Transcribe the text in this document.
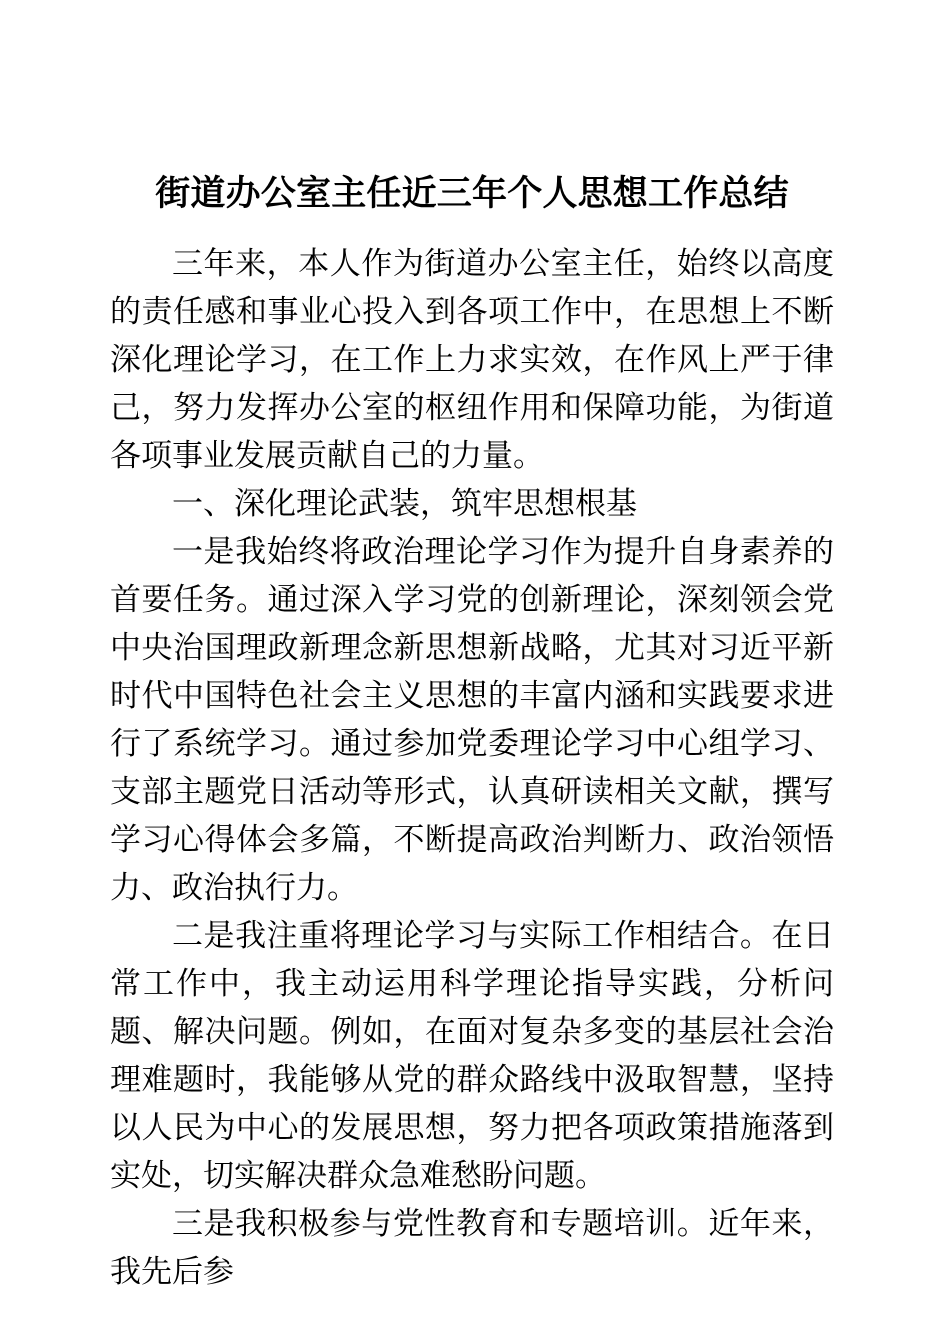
街道办公室主任近三年个人思想工作总结

三年来，本人作为街道办公室主任，始终以高度的责任感和事业心投入到各项工作中，在思想上不断深化理论学习，在工作上力求实效，在作风上严于律己，努力发挥办公室的枢纽作用和保障功能，为街道各项事业发展贡献自己的力量。

一、深化理论武装，筑牢思想根基

一是我始终将政治理论学习作为提升自身素养的首要任务。通过深入学习党的创新理论，深刻领会党中央治国理政新理念新思想新战略，尤其对习近平新时代中国特色社会主义思想的丰富内涵和实践要求进行了系统学习。通过参加党委理论学习中心组学习、支部主题党日活动等形式，认真研读相关文献，撰写学习心得体会多篇，不断提高政治判断力、政治领悟力、政治执行力。

二是我注重将理论学习与实际工作相结合。在日常工作中，我主动运用科学理论指导实践，分析问题、解决问题。例如，在面对复杂多变的基层社会治理难题时，我能够从党的群众路线中汲取智慧，坚持以人民为中心的发展思想，努力把各项政策措施落到实处，切实解决群众急难愁盼问题。

三是我积极参与党性教育和专题培训。近年来，我先后参
